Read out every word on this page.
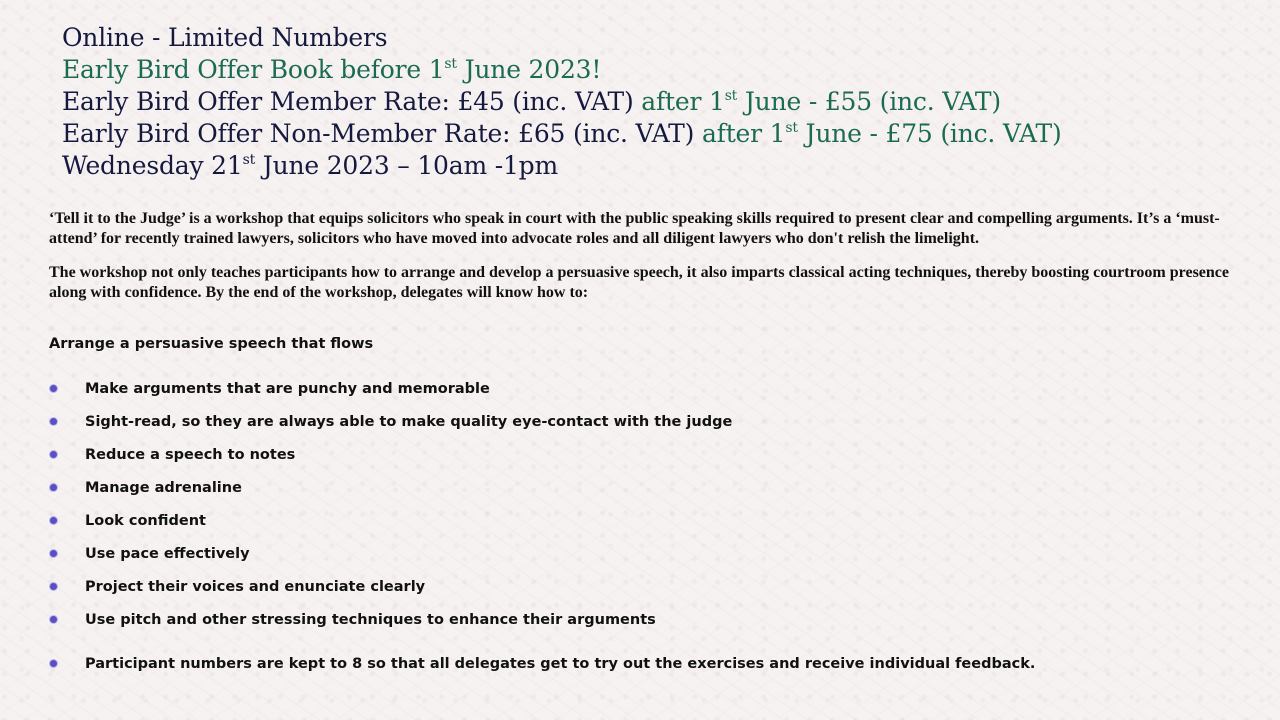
Online - Limited Numbers
Early Bird Offer Book before 1st June 2023!
Early Bird Offer Member Rate: £45 (inc. VAT) after 1st June - £55 (inc. VAT)
Early Bird Offer Non-Member Rate: £65 (inc. VAT) after 1st June - £75 (inc. VAT)
Wednesday 21st June 2023 – 10am -1pm

‘Tell it to the Judge’ is a workshop that equips solicitors who speak in court with the public speaking skills required to present clear and compelling arguments. It’s a ‘must-attend’ for recently trained lawyers, solicitors who have moved into advocate roles and all diligent lawyers who don't relish the limelight.

The workshop not only teaches participants how to arrange and develop a persuasive speech, it also imparts classical acting techniques, thereby boosting courtroom presence along with confidence. By the end of the workshop, delegates will know how to:

Arrange a persuasive speech that flows
Make arguments that are punchy and memorable
Sight-read, so they are always able to make quality eye-contact with the judge
Reduce a speech to notes
Manage adrenaline
Look confident
Use pace effectively
Project their voices and enunciate clearly
Use pitch and other stressing techniques to enhance their arguments
Participant numbers are kept to 8 so that all delegates get to try out the exercises and receive individual feedback.
